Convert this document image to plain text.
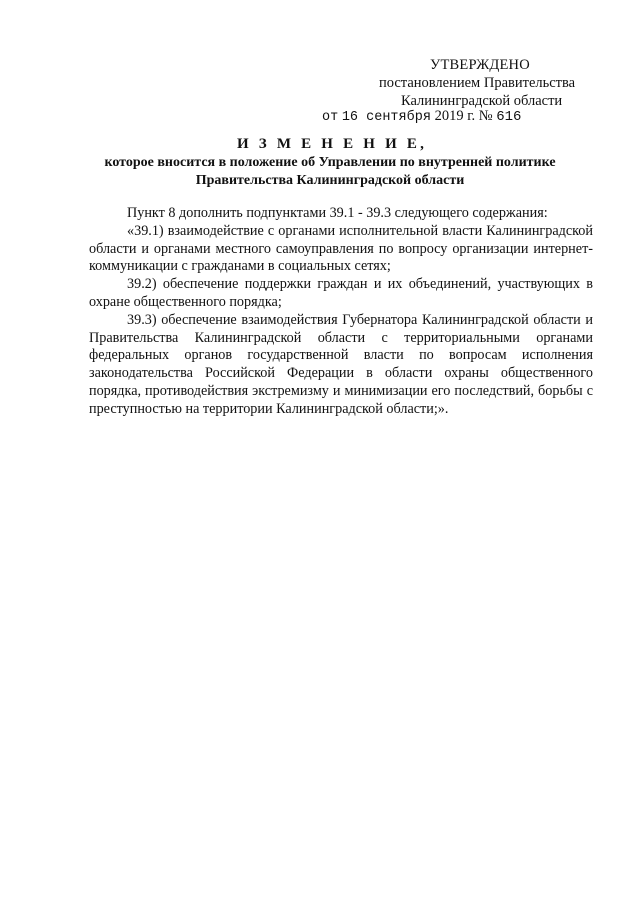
УТВЕРЖДЕНО
постановлением Правительства
Калининградской области
от 16 сентября 2019 г. № 616
И З М Е Н Е Н И Е,
которое вносится в положение об Управлении по внутренней политике
Правительства Калининградской области

Пункт 8 дополнить подпунктами 39.1 - 39.3 следующего содержания:

«39.1) взаимодействие с органами исполнительной власти Калининградской области и органами местного самоуправления по вопросу организации интернет-коммуникации с гражданами в социальных сетях;

39.2) обеспечение поддержки граждан и их объединений, участвующих в охране общественного порядка;

39.3) обеспечение взаимодействия Губернатора Калининградской области и Правительства Калининградской области с территориальными органами федеральных органов государственной власти по вопросам исполнения законодательства Российской Федерации в области охраны общественного порядка, противодействия экстремизму и минимизации его последствий, борьбы с преступностью на территории Калининградской области;».
